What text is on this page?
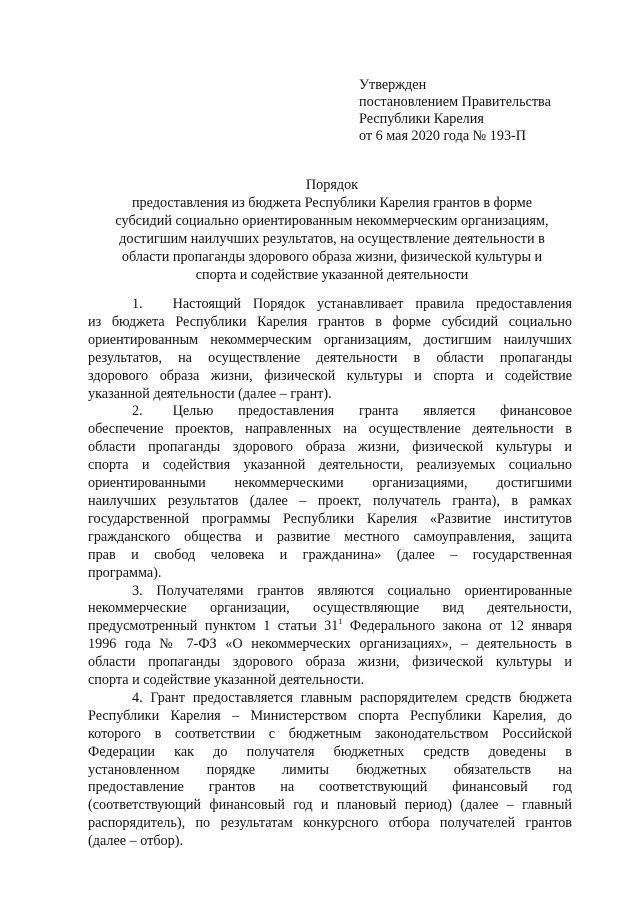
Утвержден
постановлением Правительства
Республики Карелия
от 6 мая 2020 года № 193-П
Порядок
предоставления из бюджета Республики Карелия грантов в форме
субсидий социально ориентированным некоммерческим организациям,
достигшим наилучших результатов, на осуществление деятельности в
области пропаганды здорового образа жизни, физической культуры и
спорта и содействие указанной деятельности
1. Настоящий Порядок устанавливает правила предоставления
из бюджета Республики Карелия грантов в форме субсидий социально
ориентированным некоммерческим организациям, достигшим наилучших
результатов, на осуществление деятельности в области пропаганды
здорового образа жизни, физической культуры и спорта и содействие
указанной деятельности (далее – грант).
2. Целью предоставления гранта является финансовое
обеспечение проектов, направленных на осуществление деятельности в
области пропаганды здорового образа жизни, физической культуры и
спорта и содействия указанной деятельности, реализуемых социально
ориентированными некоммерческими организациями, достигшими
наилучших результатов (далее – проект, получатель гранта), в рамках
государственной программы Республики Карелия «Развитие институтов
гражданского общества и развитие местного самоуправления, защита
прав и свобод человека и гражданина» (далее – государственная
программа).
3. Получателями грантов являются социально ориентированные
некоммерческие организации, осуществляющие вид деятельности,
предусмотренный пунктом 1 статьи $31^1$ Федерального закона от 12 января
1996 года № 7-ФЗ «О некоммерческих организациях», – деятельность в
области пропаганды здорового образа жизни, физической культуры и
спорта и содействие указанной деятельности.
4. Грант предоставляется главным распорядителем средств бюджета
Республики Карелия – Министерством спорта Республики Карелия, до
которого в соответствии с бюджетным законодательством Российской
Федерации как до получателя бюджетных средств доведены в
установленном порядке лимиты бюджетных обязательств на
предоставление грантов на соответствующий финансовый год
(соответствующий финансовый год и плановый период) (далее – главный
распорядитель), по результатам конкурсного отбора получателей грантов
(далее – отбор).
